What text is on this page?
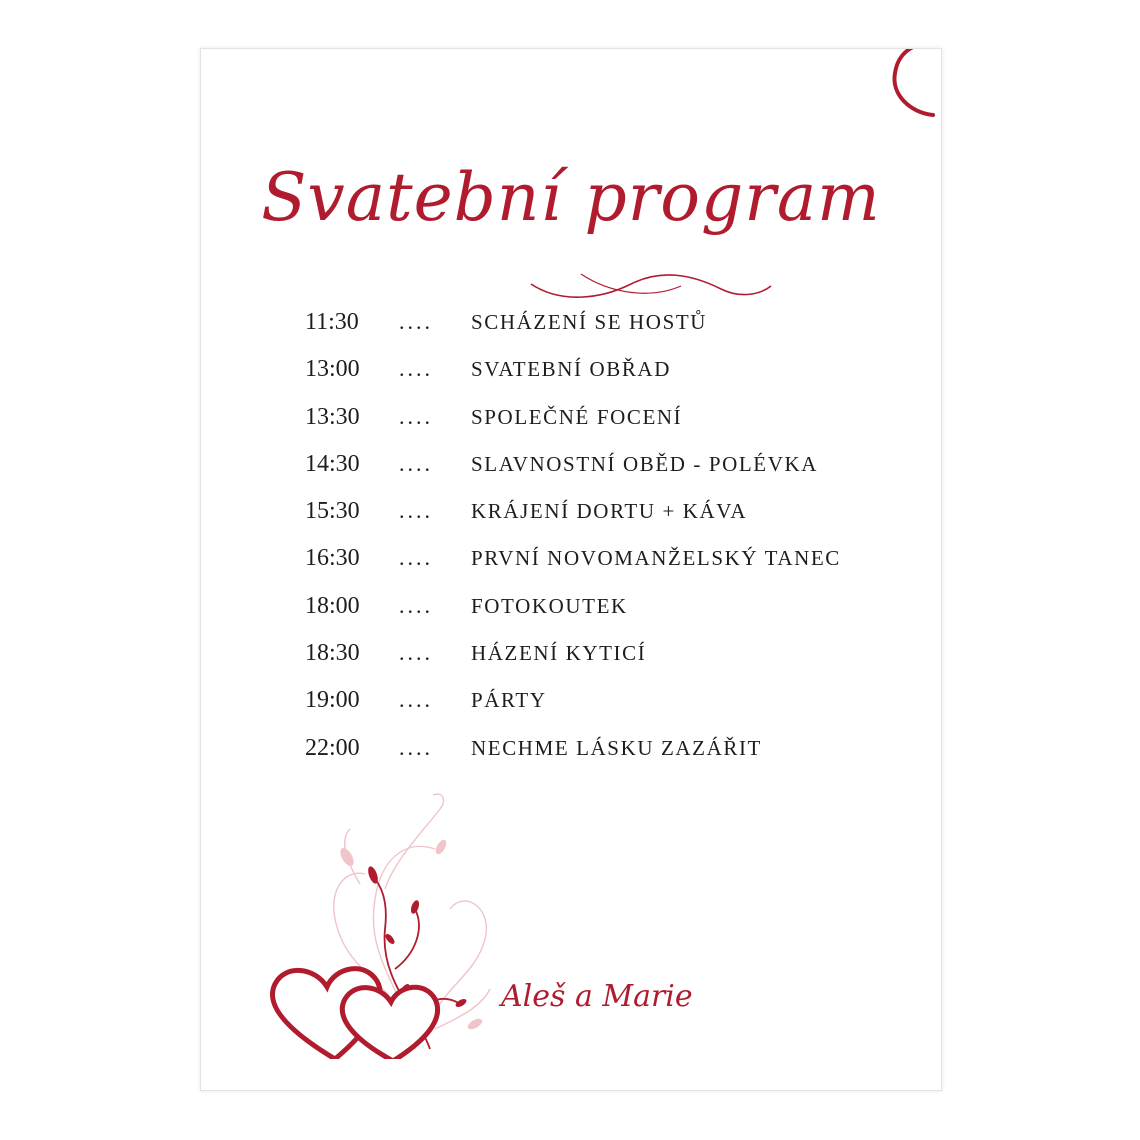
Svatební program
11:30	....	SCHÁZENÍ SE HOSTŮ
13:00	....	SVATEBNÍ OBŘAD
13:30	....	SPOLEČNÉ FOCENÍ
14:30	....	SLAVNOSTNÍ OBĚD - POLÉVKA
15:30	....	KRÁJENÍ DORTU + KÁVA
16:30	....	PRVNÍ NOVOMANŽELSKÝ TANEC
18:00	....	FOTOKOUTEK
18:30	....	HÁZENÍ KYTICÍ
19:00	....	PÁRTY
22:00	....	NECHME LÁSKU ZAZÁŘIT
Aleš a Marie
